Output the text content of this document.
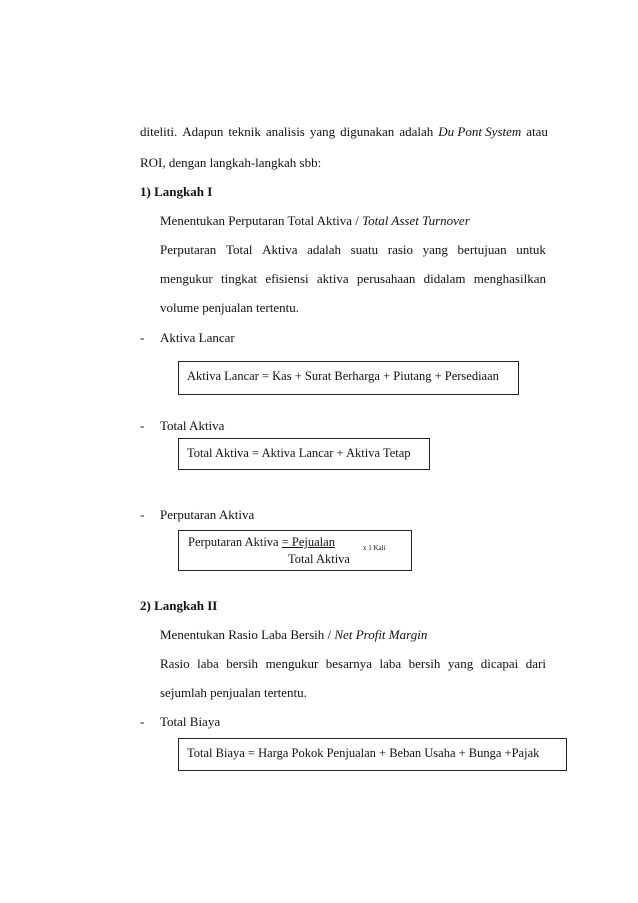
diteliti. Adapun teknik analisis yang digunakan adalah Du Pont System atau
ROI, dengan langkah-langkah sbb:
1) Langkah I
Menentukan Perputaran Total Aktiva / Total Asset Turnover
Perputaran Total Aktiva adalah suatu rasio yang bertujuan untuk
mengukur tingkat efisiensi aktiva perusahaan didalam menghasilkan
volume penjualan tertentu.
- Aktiva Lancar
Aktiva Lancar = Kas + Surat Berharga + Piutang + Persediaan
- Total Aktiva
Total Aktiva = Aktiva Lancar + Aktiva Tetap
- Perputaran Aktiva
Perputaran Aktiva = Pejualan	x 1 Kali
Total Aktiva
2) Langkah II
Menentukan Rasio Laba Bersih / Net Profit Margin
Rasio laba bersih mengukur besarnya laba bersih yang dicapai dari
sejumlah penjualan tertentu.
- Total Biaya
Total Biaya = Harga Pokok Penjualan + Beban Usaha + Bunga +Pajak
